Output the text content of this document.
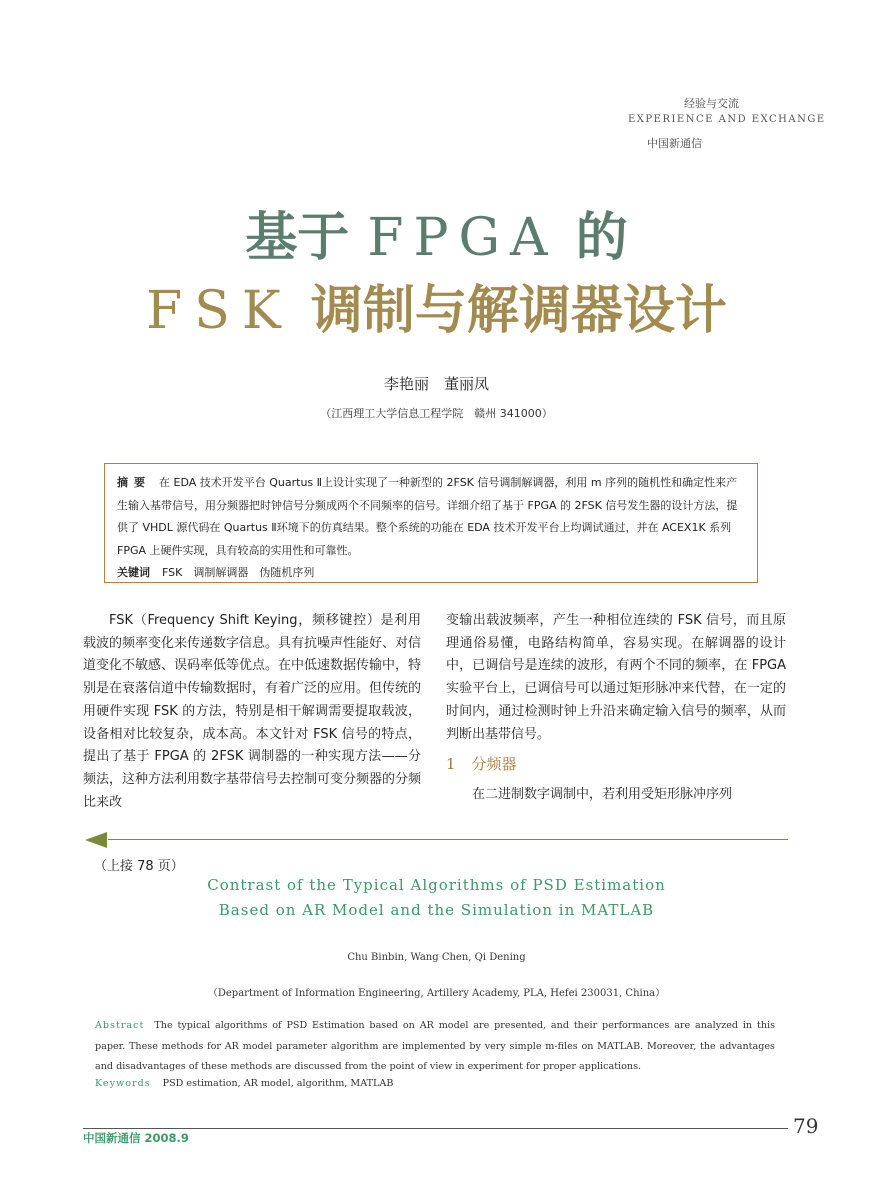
经验与交流
EXPERIENCE AND EXCHANGE
中国新通信
基于 FPGA 的
FSK 调制与解调器设计
李艳丽　董丽凤
（江西理工大学信息工程学院　赣州 341000）
摘要 在 EDA 技术开发平台 Quartus Ⅱ上设计实现了一种新型的 2FSK 信号调制解调器，利用 m 序列的随机性和确定性来产生输入基带信号，用分频器把时钟信号分频成两个不同频率的信号。详细介绍了基于 FPGA 的 2FSK 信号发生器的设计方法，提供了 VHDL 源代码在 Quartus Ⅱ环境下的仿真结果。整个系统的功能在 EDA 技术开发平台上均调试通过，并在 ACEX1K 系列 FPGA 上硬件实现，具有较高的实用性和可靠性。
关键词 FSK　调制解调器　伪随机序列
FSK（Frequency Shift Keying，频移键控）是利用载波的频率变化来传递数字信息。具有抗噪声性能好、对信道变化不敏感、误码率低等优点。在中低速数据传输中，特别是在衰落信道中传输数据时，有着广泛的应用。但传统的用硬件实现 FSK 的方法，特别是相干解调需要提取载波，设备相对比较复杂，成本高。本文针对 FSK 信号的特点，提出了基于 FPGA 的 2FSK 调制器的一种实现方法——分频法，这种方法利用数字基带信号去控制可变分频器的分频比来改
变输出载波频率，产生一种相位连续的 FSK 信号，而且原理通俗易懂，电路结构简单，容易实现。在解调器的设计中，已调信号是连续的波形，有两个不同的频率，在 FPGA 实验平台上，已调信号可以通过矩形脉冲来代替，在一定的时间内，通过检测时钟上升沿来确定输入信号的频率，从而判断出基带信号。
1 分频器
在二进制数字调制中，若利用受矩形脉冲序列
（上接 78 页）
Contrast of the Typical Algorithms of PSD Estimation
Based on AR Model and the Simulation in MATLAB
Chu Binbin, Wang Chen, Qi Dening
（Department of Information Engineering, Artillery Academy, PLA, Hefei 230031, China）
Abstract The typical algorithms of PSD Estimation based on AR model are presented, and their performances are analyzed in this paper. These methods for AR model parameter algorithm are implemented by very simple m-files on MATLAB. Moreover, the advantages and disadvantages of these methods are discussed from the point of view in experiment for proper applications.
Keywords PSD estimation, AR model, algorithm, MATLAB
中国新通信 2008.9	79
